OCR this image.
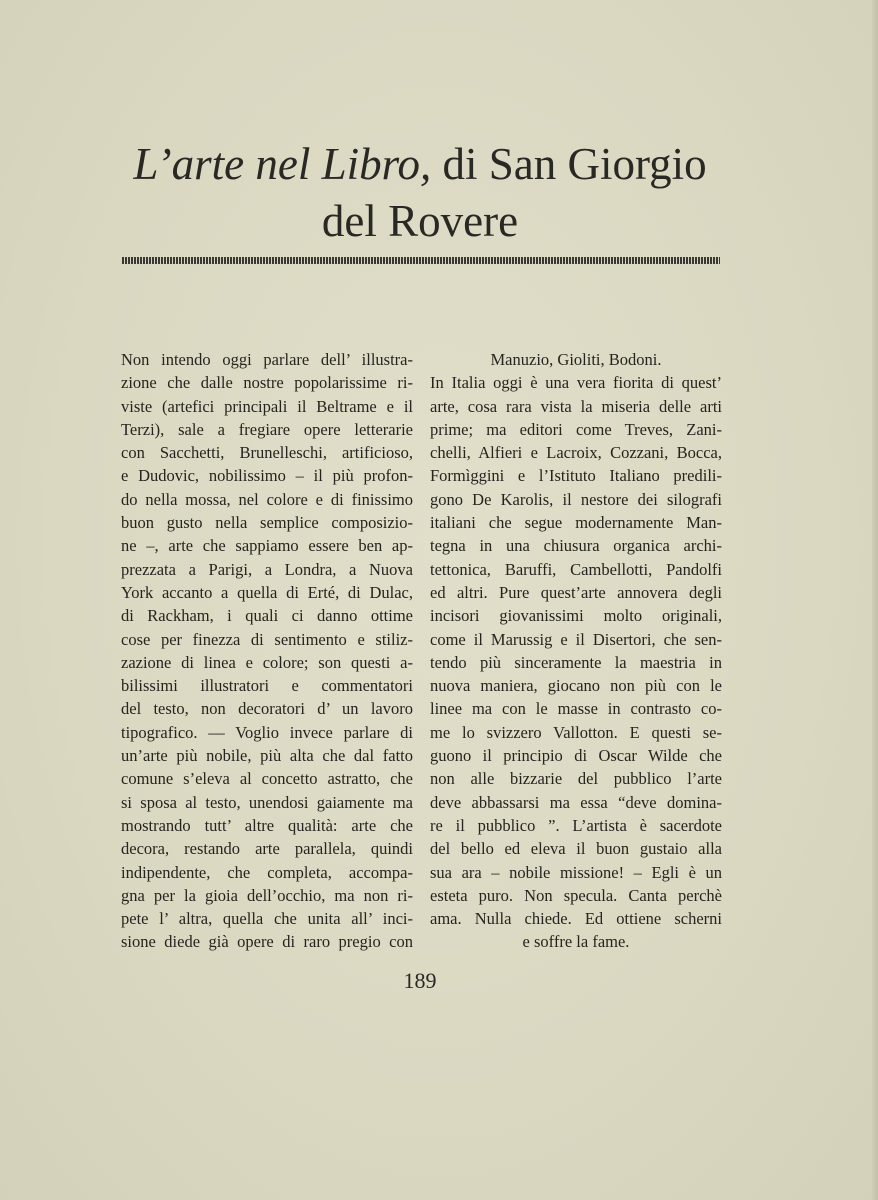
L’arte nel Libro, di San Giorgio
del Rovere
Non intendo oggi parlare dell’ illustra-
zione che dalle nostre popolarissime ri-
viste (artefici principali il Beltrame e il
Terzi), sale a fregiare opere letterarie
con Sacchetti, Brunelleschi, artificioso,
e Dudovic, nobilissimo – il più profon-
do nella mossa, nel colore e di finissimo
buon gusto nella semplice composizio-
ne –, arte che sappiamo essere ben ap-
prezzata a Parigi, a Londra, a Nuova
York accanto a quella di Erté, di Dulac,
di Rackham, i quali ci danno ottime
cose per finezza di sentimento e stiliz-
zazione di linea e colore; son questi a-
bilissimi illustratori e commentatori
del testo, non decoratori d’ un lavoro
tipografico. — Voglio invece parlare di
un’arte più nobile, più alta che dal fatto
comune s’eleva al concetto astratto, che
si sposa al testo, unendosi gaiamente ma
mostrando tutt’ altre qualità: arte che
decora, restando arte parallela, quindi
indipendente, che completa, accompa-
gna per la gioia dell’occhio, ma non ri-
pete l’ altra, quella che unita all’ inci-
sione diede già opere di raro pregio con
Manuzio, Gioliti, Bodoni.
In Italia oggi è una vera fiorita di quest’
arte, cosa rara vista la miseria delle arti
prime; ma editori come Treves, Zani-
chelli, Alfieri e Lacroix, Cozzani, Bocca,
Formìggini e l’Istituto Italiano predili-
gono De Karolis, il nestore dei silografi
italiani che segue modernamente Man-
tegna in una chiusura organica archi-
tettonica, Baruffi, Cambellotti, Pandolfi
ed altri. Pure quest’arte annovera degli
incisori giovanissimi molto originali,
come il Marussig e il Disertori, che sen-
tendo più sinceramente la maestria in
nuova maniera, giocano non più con le
linee ma con le masse in contrasto co-
me lo svizzero Vallotton. E questi se-
guono il principio di Oscar Wilde che
non alle bizzarie del pubblico l’arte
deve abbassarsi ma essa “deve domina-
re il pubblico ”. L’artista è sacerdote
del bello ed eleva il buon gustaio alla
sua ara – nobile missione! – Egli è un
esteta puro. Non specula. Canta perchè
ama. Nulla chiede. Ed ottiene scherni
e soffre la fame.
189
